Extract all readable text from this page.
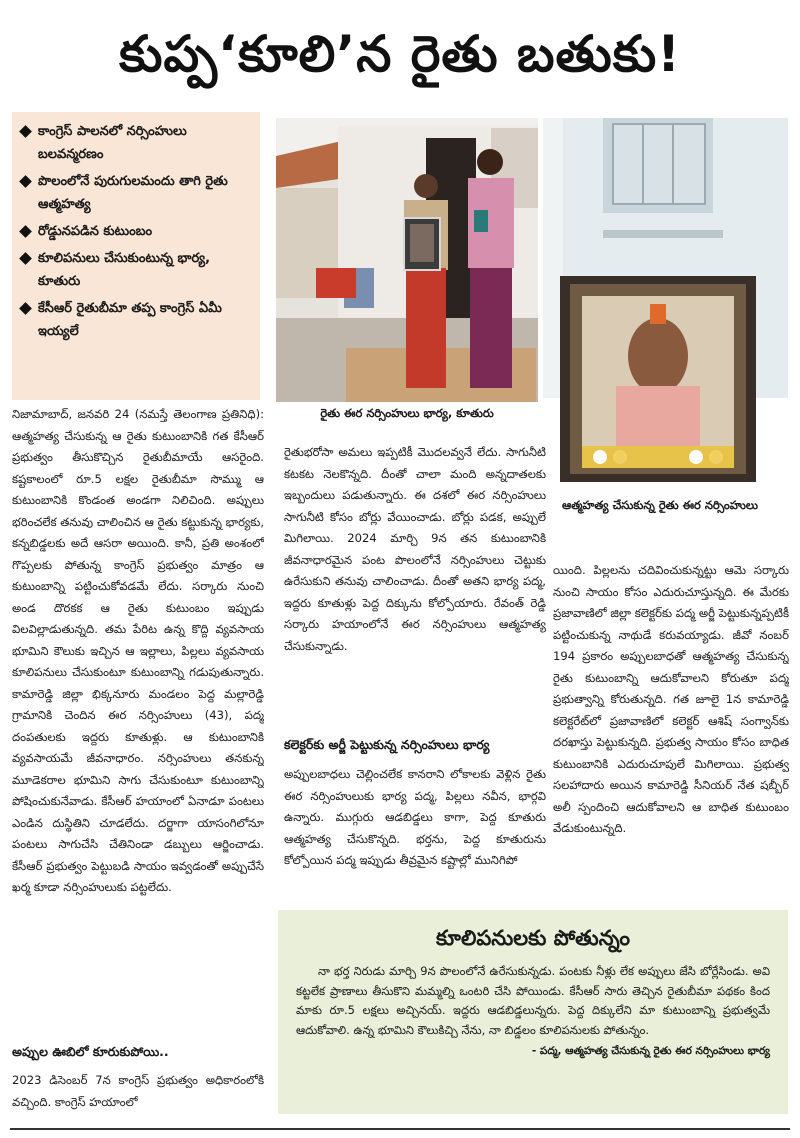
కుప్ప‘కూలి’న రైతు బతుకు!
కాంగ్రెస్ పాలనలో నర్సింహులు బలవన్మరణం
పొలంలోనే పురుగులమందు తాగి రైతు ఆత్మహత్య
రోడ్డునపడిన కుటుంబం
కూలిపనులు చేసుకుంటున్న భార్య, కూతురు
కేసీఆర్ రైతుబీమా తప్ప కాంగ్రెస్ ఏమీ ఇయ్యలే
రైతు ఈర నర్సింహులు భార్య, కూతురు
ఆత్మహత్య చేసుకున్న రైతు ఈర నర్సింహులు

నిజామాబాద్, జనవరి 24 (నమస్తే తెలంగాణ ప్రతినిధి): ఆత్మహత్య చేసుకున్న ఆ రైతు కుటుంబానికి గత కేసీఆర్ ప్రభుత్వం తీసుకొచ్చిన రైతుబీమాయే ఆసరైంది. కష్టకాలంలో రూ.5 లక్షల రైతుబీమా సొమ్ము ఆ కుటుంబానికి కొండంత అండగా నిలిచింది. అప్పులు భరించలేక తనువు చాలించిన ఆ రైతు కట్టుకున్న భార్యకు, కన్నబిడ్డలకు అదే ఆసరా అయింది. కానీ, ప్రతి అంశంలో గొప్పలకు పోతున్న కాంగ్రెస్ ప్రభుత్వం మాత్రం ఆ కుటుంబాన్ని పట్టించుకోవడమే లేదు. సర్కారు నుంచి అండ దొరకక ఆ రైతు కుటుంబం ఇప్పుడు విలవిల్లాడుతున్నది. తమ పేరిట ఉన్న కొద్ది వ్యవసాయ భూమిని కౌలుకు ఇచ్చిన ఆ ఇల్లాలు, పిల్లలు వ్యవసాయ కూలిపనులు చేసుకుంటూ కుటుంబాన్ని గడుపుతున్నారు. కామారెడ్డి జిల్లా భిక్కనూరు మండలం పెద్ద మల్లారెడ్డి గ్రామానికి చెందిన ఈర నర్సింహులు (43), పద్మ దంపతులకు ఇద్దరు కూతుళ్లు. ఆ కుటుంబానికి వ్యవసాయమే జీవనాధారం. నర్సింహులు తనకున్న మూడెకరాల భూమిని సాగు చేసుకుంటూ కుటుంబాన్ని పోషించుకునేవాడు. కేసీఆర్ హయాంలో ఏనాడూ పంటలు ఎండిన దుస్థితిని చూడలేదు. దర్జాగా యాసంగిలోనూ పంటలు సాగుచేసి చేతినిండా డబ్బులు ఆర్జించాడు. కేసీఆర్ ప్రభుత్వం పెట్టుబడి సాయం ఇవ్వడంతో అప్పుచేసే ఖర్మ కూడా నర్సింహులుకు పట్టలేదు.

అప్పుల ఊబిలో కూరుకుపోయి..

2023 డిసెంబర్ 7న కాంగ్రెస్ ప్రభుత్వం అధికారంలోకి వచ్చింది. కాంగ్రెస్ హయాంలో

రైతుభరోసా అమలు ఇప్పటికీ మొదలవ్వనే లేదు. సాగునీటి కటకట నెలకొన్నది. దీంతో చాలా మంది అన్నదాతలకు ఇబ్బందులు పడుతున్నారు. ఈ దశలో ఈర నర్సింహులు సాగునీటి కోసం బోర్లు వేయించాడు. బోర్లు పడక, అప్పులే మిగిలాయి. 2024 మార్చి 9న తన కుటుంబానికి జీవనాధారమైన పంట పొలంలోనే నర్సింహులు చెట్టుకు ఉరేసుకుని తనువు చాలించాడు. దీంతో అతని భార్య పద్మ, ఇద్దరు కూతుళ్లు పెద్ద దిక్కును కోల్పోయారు. రేవంత్ రెడ్డి సర్కారు హయాంలోనే ఈర నర్సింహులు ఆత్మహత్య చేసుకున్నాడు.

కలెక్టర్‌కు అర్జీ పెట్టుకున్న నర్సింహులు భార్య

అప్పులబాధలు చెల్లించలేక కానరాని లోకాలకు వెళ్లిన రైతు ఈర నర్సింహులుకు భార్య పద్మ, పిల్లలు నవీన, భార్గవి ఉన్నారు. ముగ్గురు ఆడబిడ్డలు కాగా, పెద్ద కూతురు ఆత్మహత్య చేసుకొన్నది. భర్తను, పెద్ద కూతురును కోల్పోయిన పద్మ ఇప్పుడు తీవ్రమైన కష్టాల్లో మునిగిపో

యింది. పిల్లలను చదివించుకున్నట్టు ఆమె సర్కారు నుంచి సాయం కోసం ఎదురుచూస్తున్నది. ఈ మేరకు ప్రజావాణిలో జిల్లా కలెక్టర్‌కు పద్మ అర్జీ పెట్టుకున్నప్పటికీ పట్టించుకున్న నాథుడే కరువయ్యాడు. జీవో నంబర్ 194 ప్రకారం అప్పులబాధతో ఆత్మహత్య చేసుకున్న రైతు కుటుంబాన్ని ఆదుకోవాలని కోరుతూ పద్మ ప్రభుత్వాన్ని కోరుతున్నది. గత జూలై 1న కామారెడ్డి కలెక్టరేట్‌లో ప్రజావాణిలో కలెక్టర్ ఆశిష్ సంగ్వాన్‌కు దరఖాస్తు పెట్టుకున్నది. ప్రభుత్వ సాయం కోసం బాధిత కుటుంబానికి ఎదురుచూపులే మిగిలాయి. ప్రభుత్వ సలహాదారు అయిన కామారెడ్డి సీనియర్ నేత షబ్బీర్ అలీ స్పందించి ఆదుకోవాలని ఆ బాధిత కుటుంబం వేడుకుంటున్నది.

కూలిపనులకు పోతున్నం

నా భర్త నిరుడు మార్చి 9న పొలంలోనే ఉరేసుకున్నడు. పంటకు నీళ్లు లేక అప్పులు జేసి బోర్లేసిండు. అవి కట్టలేక ప్రాణాలు తీసుకొని మమ్మల్ని ఒంటరి చేసి పోయిండు. కేసీఆర్ సారు తెచ్చిన రైతుబీమా పథకం కింద మాకు రూ.5 లక్షలు అచ్చినయ్. ఇద్దరు ఆడబిడ్డలున్నరు. పెద్ద దిక్కులేని మా కుటుంబాన్ని ప్రభుత్వమే ఆదుకోవాలి. ఉన్న భూమిని కౌలుకిచ్చి నేను, నా బిడ్డలం కూలిపనులకు పోతున్నం.

- పద్మ, ఆత్మహత్య చేసుకున్న రైతు ఈర నర్సింహులు భార్య
